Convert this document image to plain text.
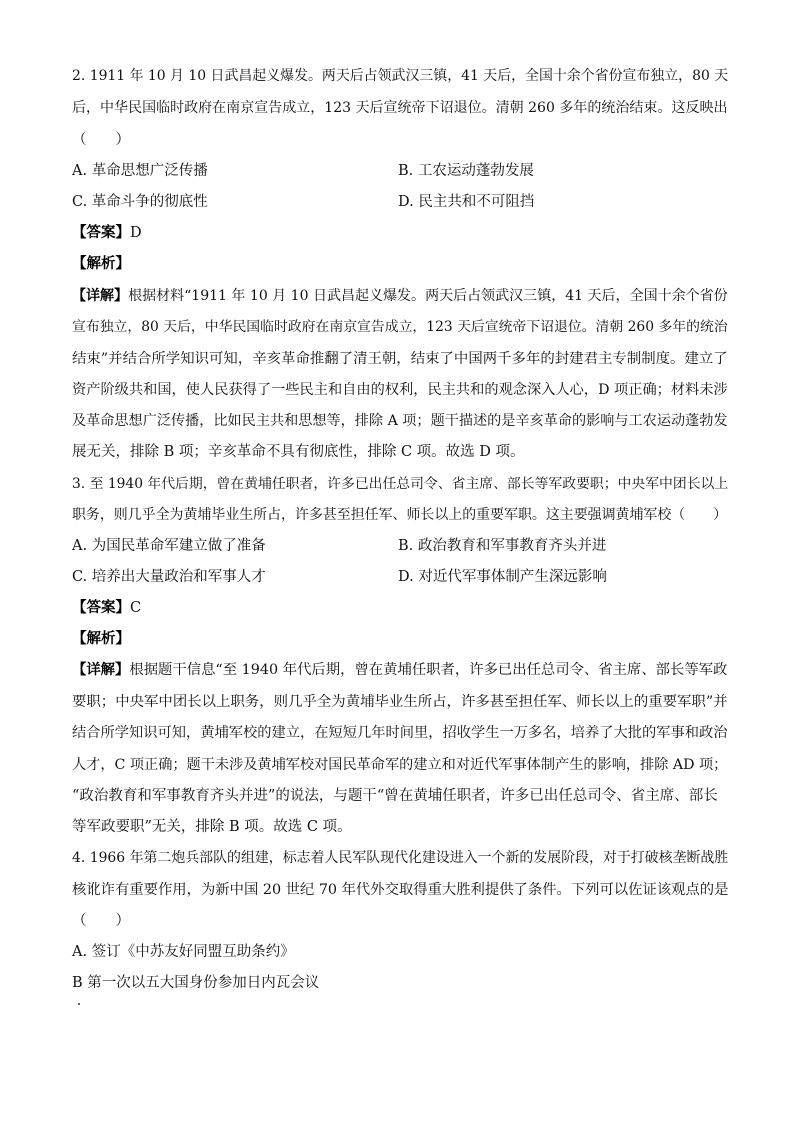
2. 1911 年 10 月 10 日武昌起义爆发。两天后占领武汉三镇，41 天后，全国十余个省份宣布独立，80 天
后，中华民国临时政府在南京宣告成立，123 天后宣统帝下诏退位。清朝 260 多年的统治结束。这反映出
（　　）
A. 革命思想广泛传播	B. 工农运动蓬勃发展
C. 革命斗争的彻底性	D. 民主共和不可阻挡
【答案】D
【解析】
【详解】根据材料“1911 年 10 月 10 日武昌起义爆发。两天后占领武汉三镇，41 天后，全国十余个省份
宣布独立，80 天后，中华民国临时政府在南京宣告成立，123 天后宣统帝下诏退位。清朝 260 多年的统治
结束”并结合所学知识可知，辛亥革命推翻了清王朝，结束了中国两千多年的封建君主专制制度。建立了
资产阶级共和国，使人民获得了一些民主和自由的权利，民主共和的观念深入人心，D 项正确；材料未涉
及革命思想广泛传播，比如民主共和思想等，排除 A 项；题干描述的是辛亥革命的影响与工农运动蓬勃发
展无关，排除 B 项；辛亥革命不具有彻底性，排除 C 项。故选 D 项。
3. 至 1940 年代后期，曾在黄埔任职者，许多已出任总司令、省主席、部长等军政要职；中央军中团长以上
职务，则几乎全为黄埔毕业生所占，许多甚至担任军、师长以上的重要军职。这主要强调黄埔军校（　　）
A. 为国民革命军建立做了准备	B. 政治教育和军事教育齐头并进
C. 培养出大量政治和军事人才	D. 对近代军事体制产生深远影响
【答案】C
【解析】
【详解】根据题干信息“至 1940 年代后期，曾在黄埔任职者，许多已出任总司令、省主席、部长等军政
要职；中央军中团长以上职务，则几乎全为黄埔毕业生所占，许多甚至担任军、师长以上的重要军职”并
结合所学知识可知，黄埔军校的建立，在短短几年时间里，招收学生一万多名，培养了大批的军事和政治
人才，C 项正确；题干未涉及黄埔军校对国民革命军的建立和对近代军事体制产生的影响，排除 AD 项；
“政治教育和军事教育齐头并进”的说法，与题干“曾在黄埔任职者，许多已出任总司令、省主席、部长
等军政要职”无关，排除 B 项。故选 C 项。
4. 1966 年第二炮兵部队的组建，标志着人民军队现代化建设进入一个新的发展阶段，对于打破核垄断战胜
核讹诈有重要作用，为新中国 20 世纪 70 年代外交取得重大胜利提供了条件。下列可以佐证该观点的是
（　　）
A. 签订《中苏友好同盟互助条约》
B 第一次以五大国身份参加日内瓦会议
